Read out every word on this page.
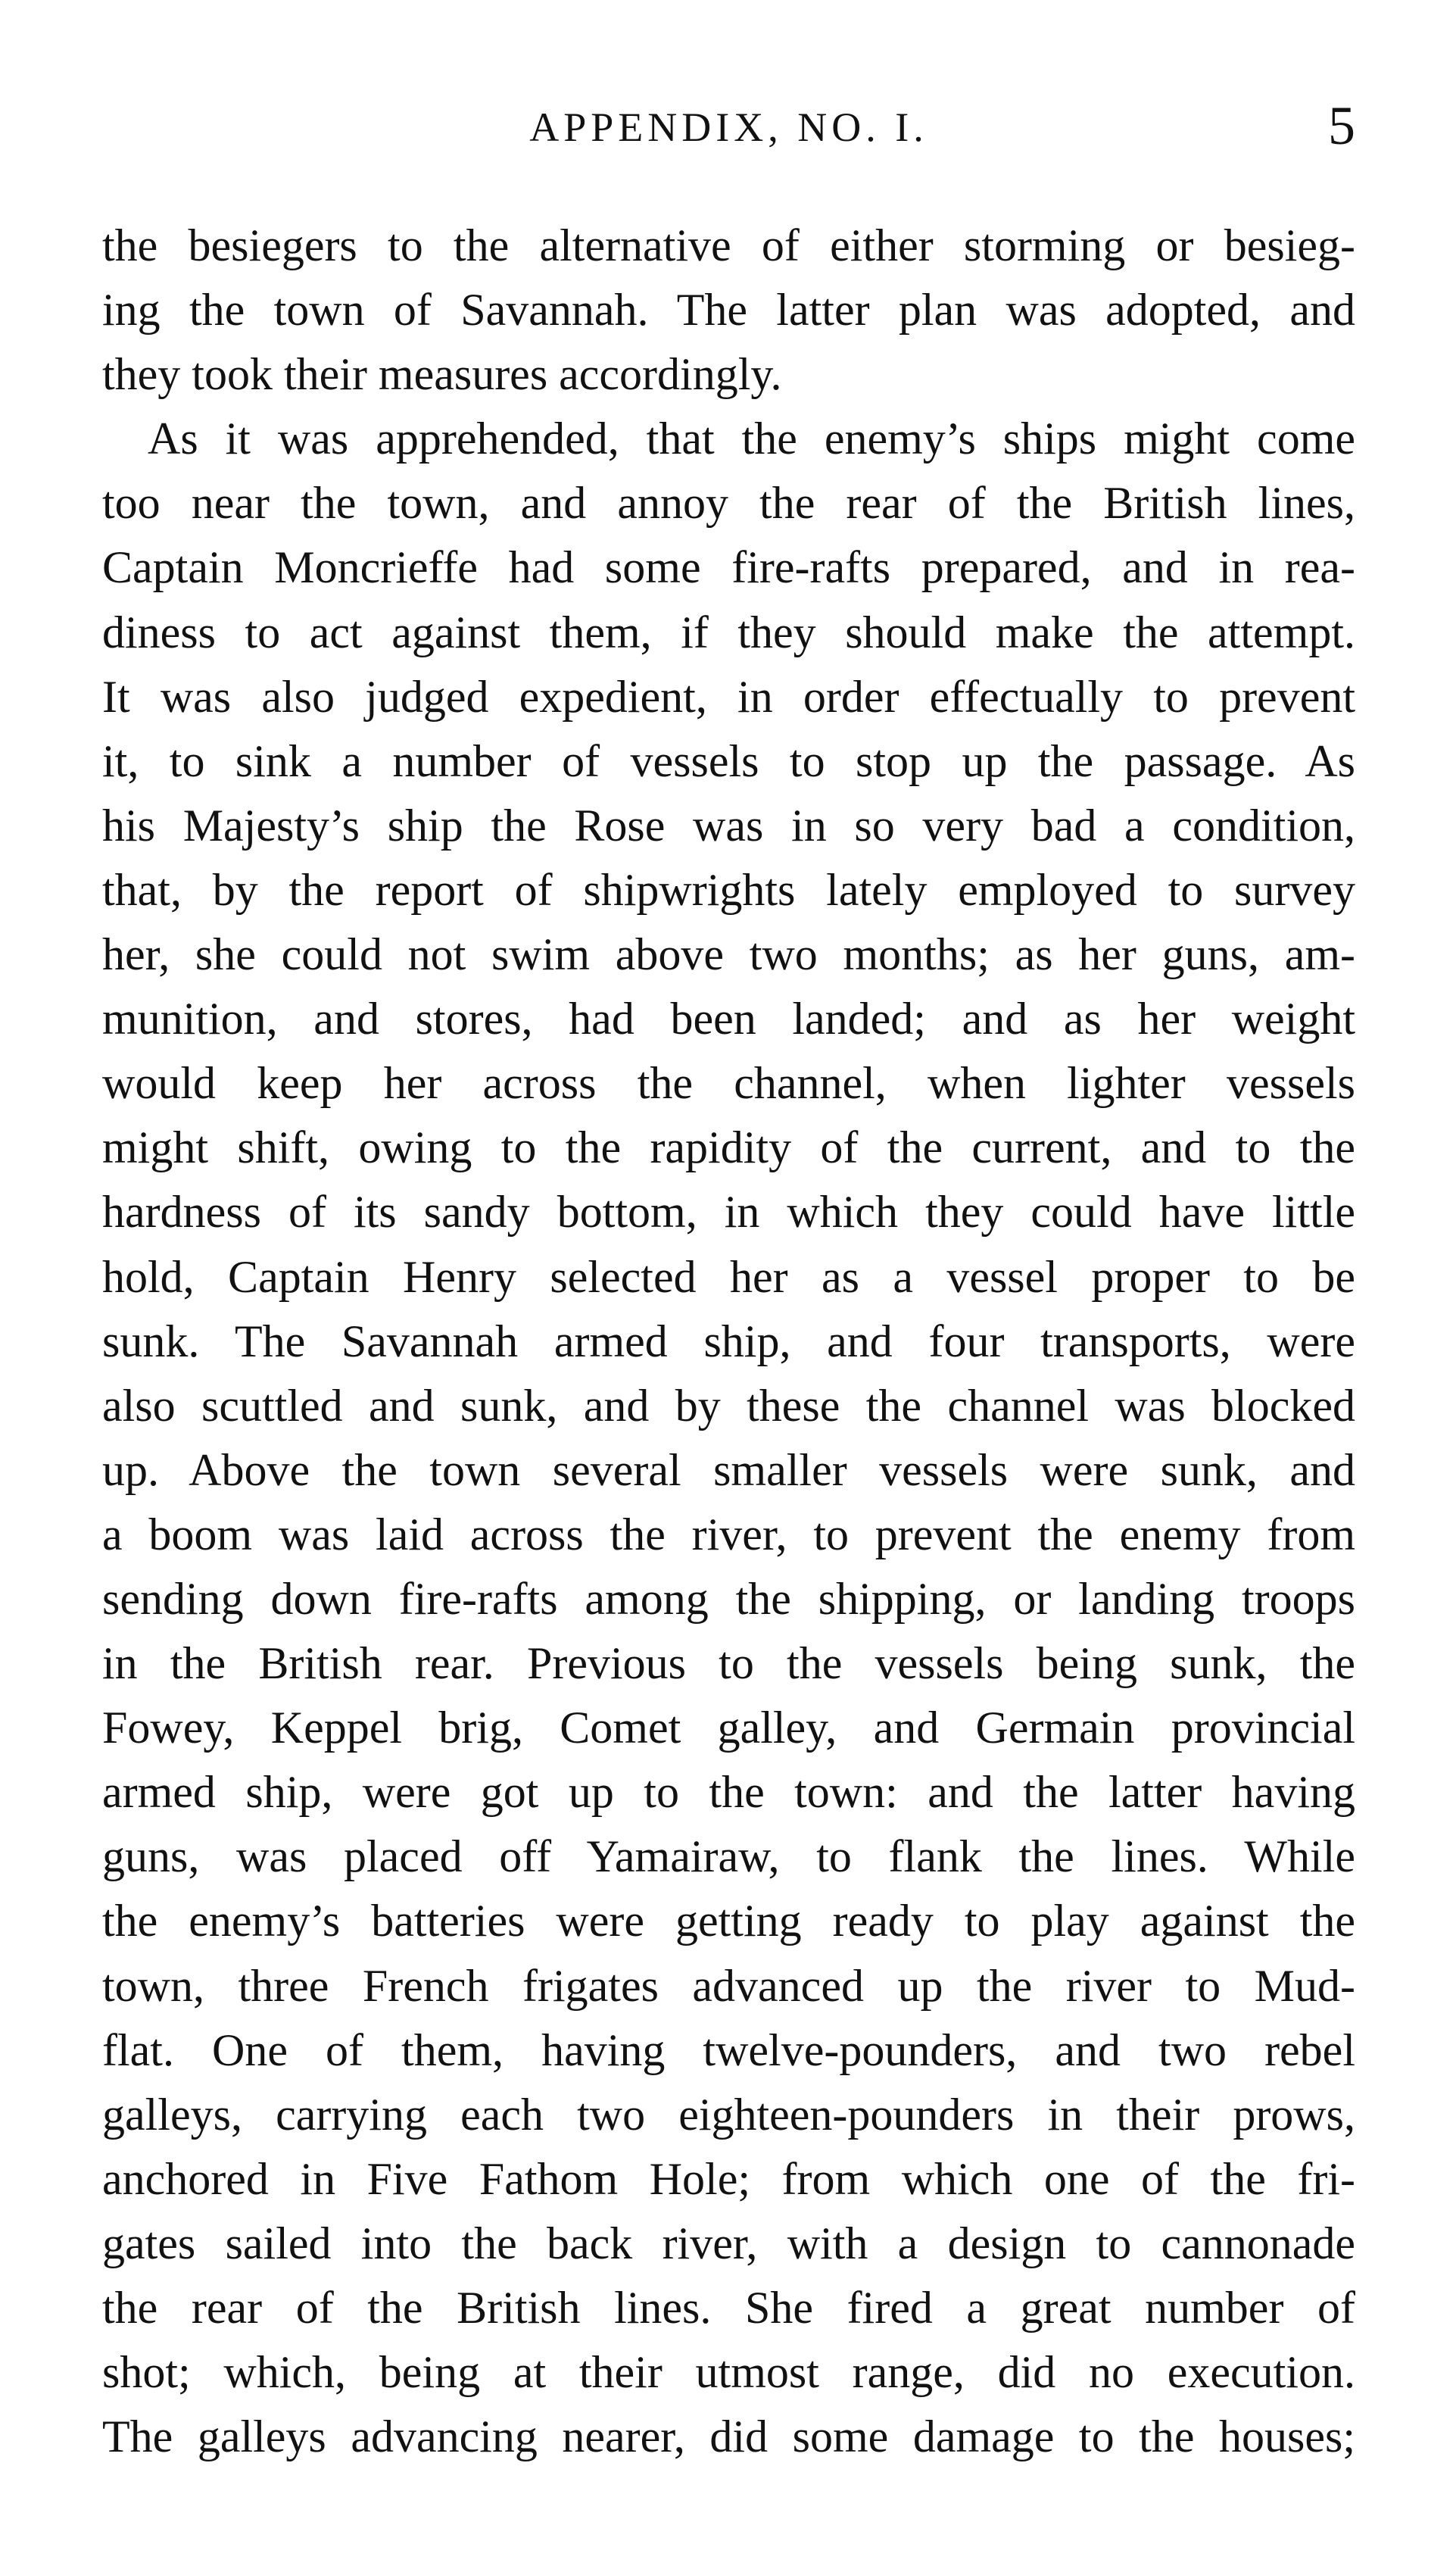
APPENDIX, NO. I.	5
the besiegers to the alternative of either storming or besieg-
ing the town of Savannah. The latter plan was adopted, and
they took their measures accordingly.
As it was apprehended, that the enemy’s ships might come
too near the town, and annoy the rear of the British lines,
Captain Moncrieffe had some fire-rafts prepared, and in rea-
diness to act against them, if they should make the attempt.
It was also judged expedient, in order effectually to prevent
it, to sink a number of vessels to stop up the passage. As
his Majesty’s ship the Rose was in so very bad a condition,
that, by the report of shipwrights lately employed to survey
her, she could not swim above two months; as her guns, am-
munition, and stores, had been landed; and as her weight
would keep her across the channel, when lighter vessels
might shift, owing to the rapidity of the current, and to the
hardness of its sandy bottom, in which they could have little
hold, Captain Henry selected her as a vessel proper to be
sunk. The Savannah armed ship, and four transports, were
also scuttled and sunk, and by these the channel was blocked
up. Above the town several smaller vessels were sunk, and
a boom was laid across the river, to prevent the enemy from
sending down fire-rafts among the shipping, or landing troops
in the British rear. Previous to the vessels being sunk, the
Fowey, Keppel brig, Comet galley, and Germain provincial
armed ship, were got up to the town: and the latter having
guns, was placed off Yamairaw, to flank the lines. While
the enemy’s batteries were getting ready to play against the
town, three French frigates advanced up the river to Mud-
flat. One of them, having twelve-pounders, and two rebel
galleys, carrying each two eighteen-pounders in their prows,
anchored in Five Fathom Hole; from which one of the fri-
gates sailed into the back river, with a design to cannonade
the rear of the British lines. She fired a great number of
shot; which, being at their utmost range, did no execution.
The galleys advancing nearer, did some damage to the houses;
